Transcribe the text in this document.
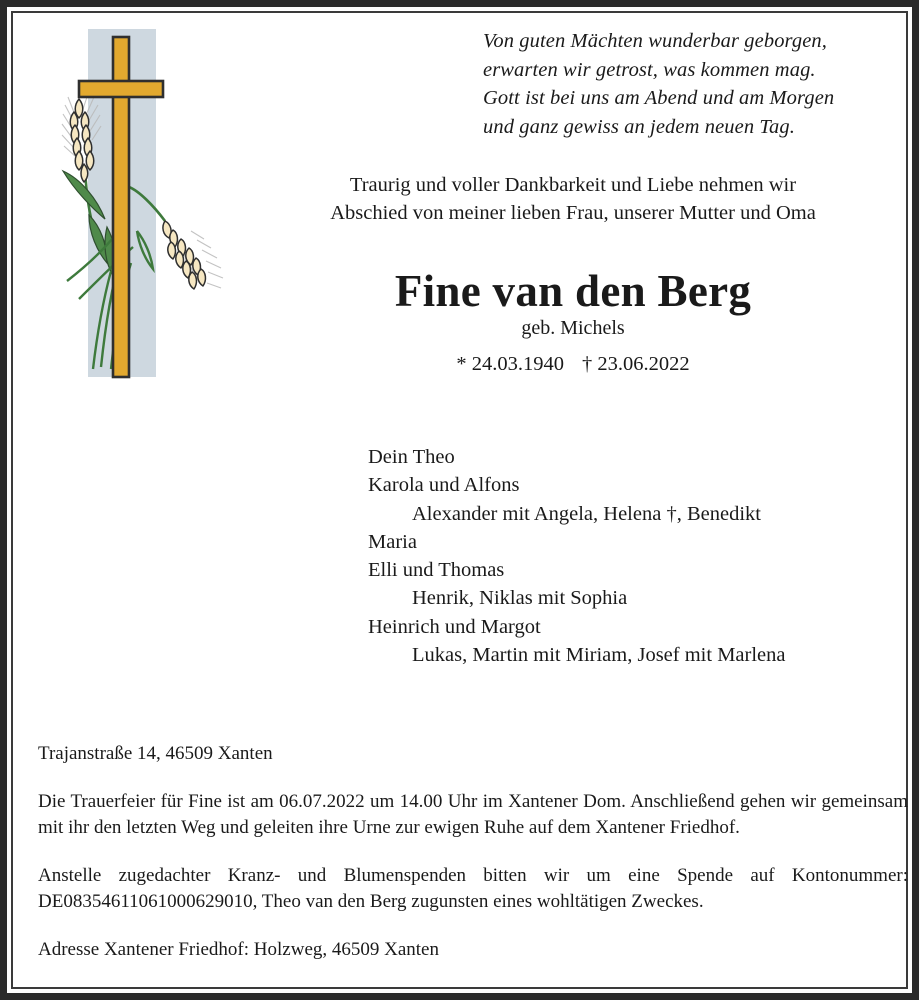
Von guten Mächten wunderbar geborgen,
erwarten wir getrost, was kommen mag.
Gott ist bei uns am Abend und am Morgen
und ganz gewiss an jedem neuen Tag.
Traurig und voller Dankbarkeit und Liebe nehmen wir
Abschied von meiner lieben Frau, unserer Mutter und Oma
Fine van den Berg
geb. Michels
* 24.03.1940 † 23.06.2022
Dein Theo
Karola und Alfons
Alexander mit Angela, Helena †, Benedikt
Maria
Elli und Thomas
Henrik, Niklas mit Sophia
Heinrich und Margot
Lukas, Martin mit Miriam, Josef mit Marlena
Trajanstraße 14, 46509 Xanten
Die Trauerfeier für Fine ist am 06.07.2022 um 14.00 Uhr im Xantener Dom. Anschließend gehen wir gemeinsam mit ihr den letzten Weg und geleiten ihre Urne zur ewigen Ruhe auf dem Xantener Friedhof.
Anstelle zugedachter Kranz- und Blumenspenden bitten wir um eine Spende auf Kontonummer: DE08354611061000629010, Theo van den Berg zugunsten eines wohltätigen Zweckes.
Adresse Xantener Friedhof: Holzweg, 46509 Xanten
